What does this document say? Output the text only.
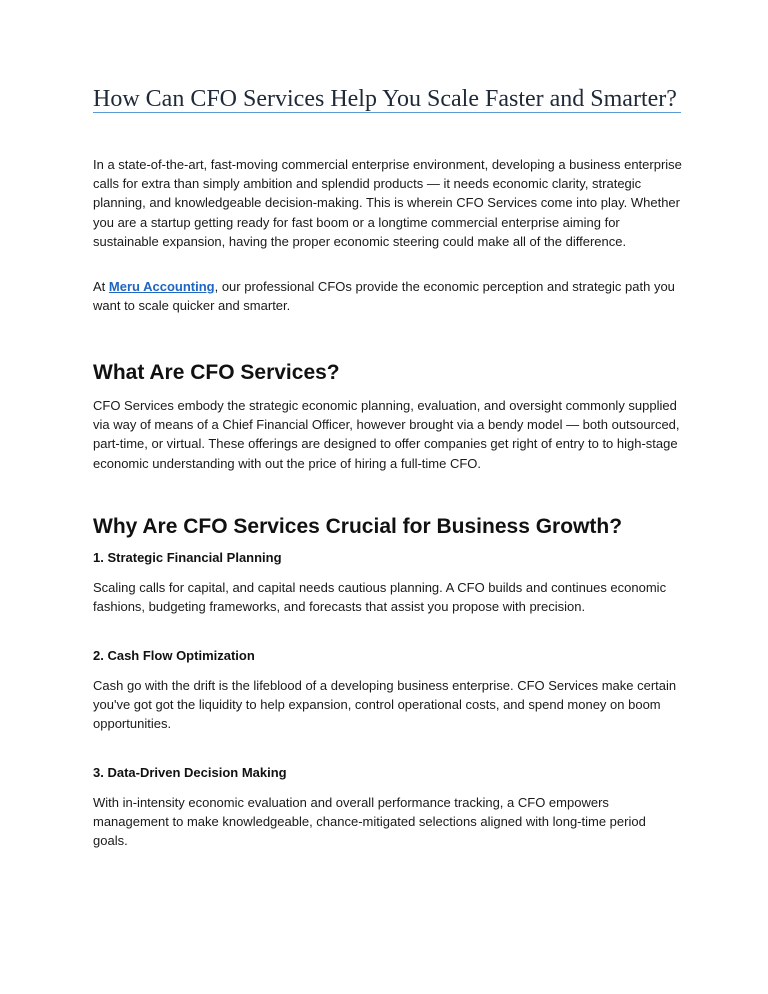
How Can CFO Services Help You Scale Faster and Smarter?

In a state-of-the-art, fast-moving commercial enterprise environment, developing a business enterprise calls for extra than simply ambition and splendid products — it needs economic clarity, strategic planning, and knowledgeable decision-making. This is wherein CFO Services come into play. Whether you are a startup getting ready for fast boom or a longtime commercial enterprise aiming for sustainable expansion, having the proper economic steering could make all of the difference.

At Meru Accounting, our professional CFOs provide the economic perception and strategic path you want to scale quicker and smarter.

What Are CFO Services?

CFO Services embody the strategic economic planning, evaluation, and oversight commonly supplied via way of means of a Chief Financial Officer, however brought via a bendy model — both outsourced, part-time, or virtual. These offerings are designed to offer companies get right of entry to to high-stage economic understanding with out the price of hiring a full-time CFO.

Why Are CFO Services Crucial for Business Growth?
1. Strategic Financial Planning

Scaling calls for capital, and capital needs cautious planning. A CFO builds and continues economic fashions, budgeting frameworks, and forecasts that assist you propose with precision.

2. Cash Flow Optimization

Cash go with the drift is the lifeblood of a developing business enterprise. CFO Services make certain you've got got the liquidity to help expansion, control operational costs, and spend money on boom opportunities.

3. Data-Driven Decision Making

With in-intensity economic evaluation and overall performance tracking, a CFO empowers management to make knowledgeable, chance-mitigated selections aligned with long-time period goals.
